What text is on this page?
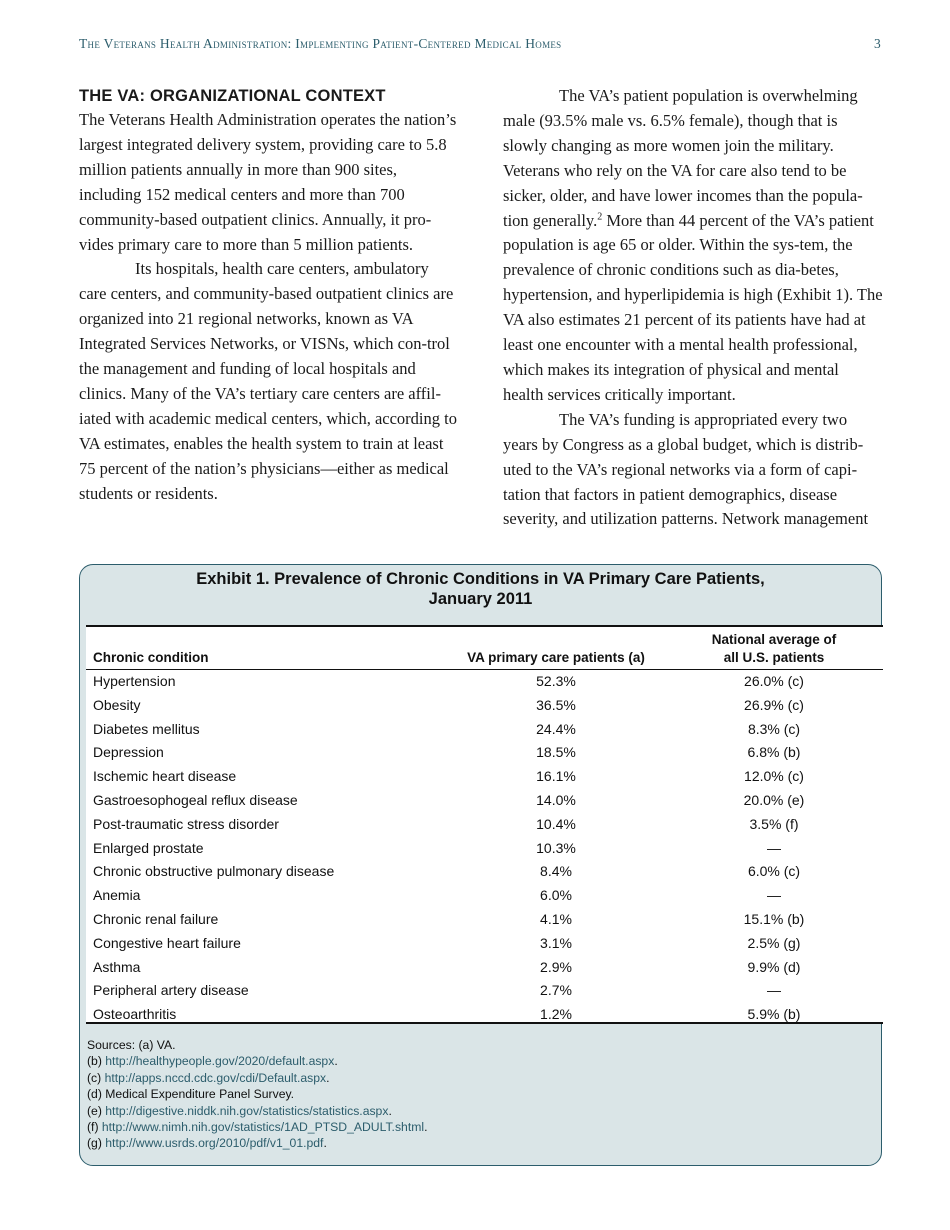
The Veterans Health Administration: Implementing Patient-Centered Medical Homes	3
THE VA: ORGANIZATIONAL CONTEXT

The Veterans Health Administration operates the nation’s largest integrated delivery system, providing care to 5.8 million patients annually in more than 900 sites, including 152 medical centers and more than 700 community-based outpatient clinics. Annually, it pro-vides primary care to more than 5 million patients.

Its hospitals, health care centers, ambulatory care centers, and community-based outpatient clinics are organized into 21 regional networks, known as VA Integrated Services Networks, or VISNs, which con-trol the management and funding of local hospitals and clinics. Many of the VA’s tertiary care centers are affil-iated with academic medical centers, which, according to VA estimates, enables the health system to train at least 75 percent of the nation’s physicians—either as medical students or residents.

The VA’s patient population is overwhelming male (93.5% male vs. 6.5% female), though that is slowly changing as more women join the military. Veterans who rely on the VA for care also tend to be sicker, older, and have lower incomes than the popula-tion generally.$^2$ More than 44 percent of the VA’s patient population is age 65 or older. Within the sys-tem, the prevalence of chronic conditions such as dia-betes, hypertension, and hyperlipidemia is high (Exhibit 1). The VA also estimates 21 percent of its patients have had at least one encounter with a mental health professional, which makes its integration of physical and mental health services critically important.

The VA’s funding is appropriated every two years by Congress as a global budget, which is distrib-uted to the VA’s regional networks via a form of capi-tation that factors in patient demographics, disease severity, and utilization patterns. Network management

Exhibit 1. Prevalence of Chronic Conditions in VA Primary Care Patients,
January 2011
Chronic condition	VA primary care patients (a)
National average of
all U.S. patients
Hypertension	52.3%	26.0% (c)
Obesity	36.5%	26.9% (c)
Diabetes mellitus	24.4%	8.3% (c)
Depression	18.5%	6.8% (b)
Ischemic heart disease	16.1%	12.0% (c)
Gastroesophogeal reflux disease	14.0%	20.0% (e)
Post-traumatic stress disorder	10.4%	3.5% (f)
Enlarged prostate	10.3%	—
Chronic obstructive pulmonary disease	8.4%	6.0% (c)
Anemia	6.0%	—
Chronic renal failure	4.1%	15.1% (b)
Congestive heart failure	3.1%	2.5% (g)
Asthma	2.9%	9.9% (d)
Peripheral artery disease	2.7%	—
Osteoarthritis	1.2%	5.9% (b)
Sources: (a) VA.
(b) http://healthypeople.gov/2020/default.aspx.
(c) http://apps.nccd.cdc.gov/cdi/Default.aspx.
(d) Medical Expenditure Panel Survey.
(e) http://digestive.niddk.nih.gov/statistics/statistics.aspx.
(f) http://www.nimh.nih.gov/statistics/1AD_PTSD_ADULT.shtml.
(g) http://www.usrds.org/2010/pdf/v1_01.pdf.
